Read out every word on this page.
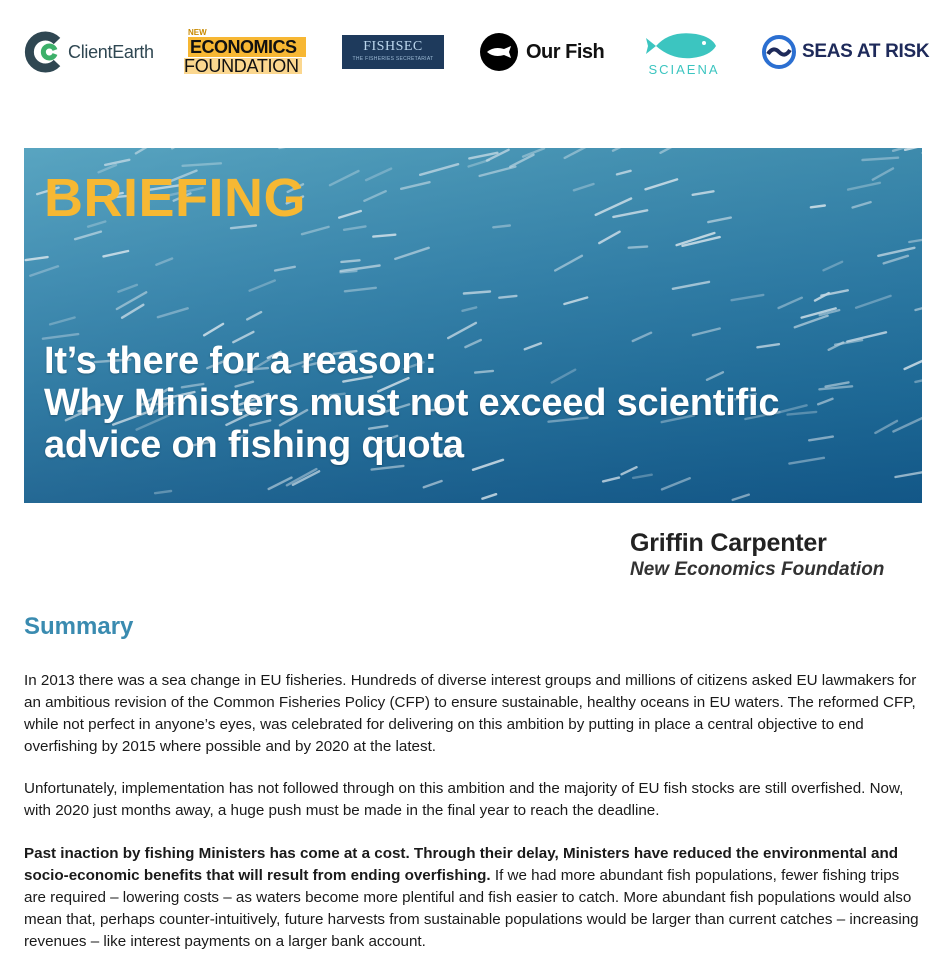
ClientEarth
NEW
ECONOMICS
FOUNDATION
FISHSEC
THE FISHERIES SECRETARIAT	Our Fish
SCIAENA
SEAS AT RISK
BRIEFING
It’s there for a reason:
Why Ministers must not exceed scientific
advice on fishing quota

Griffin Carpenter

New Economics Foundation

Summary

In 2013 there was a sea change in EU fisheries. Hundreds of diverse interest groups and millions of citizens asked EU lawmakers for an ambitious revision of the Common Fisheries Policy (CFP) to ensure sustainable, healthy oceans in EU waters. The reformed CFP, while not perfect in anyone’s eyes, was celebrated for delivering on this ambition by putting in place a central objective to end overfishing by 2015 where possible and by 2020 at the latest.

Unfortunately, implementation has not followed through on this ambition and the majority of EU fish stocks are still overfished. Now, with 2020 just months away, a huge push must be made in the final year to reach the deadline.

Past inaction by fishing Ministers has come at a cost. Through their delay, Ministers have reduced the environmental and socio-economic benefits that will result from ending overfishing. If we had more abundant fish populations, fewer fishing trips are required – lowering costs – as waters become more plentiful and fish easier to catch. More abundant fish populations would also mean that, perhaps counter-intuitively, future harvests from sustainable populations would be larger than current catches – increasing revenues – like interest payments on a larger bank account.
